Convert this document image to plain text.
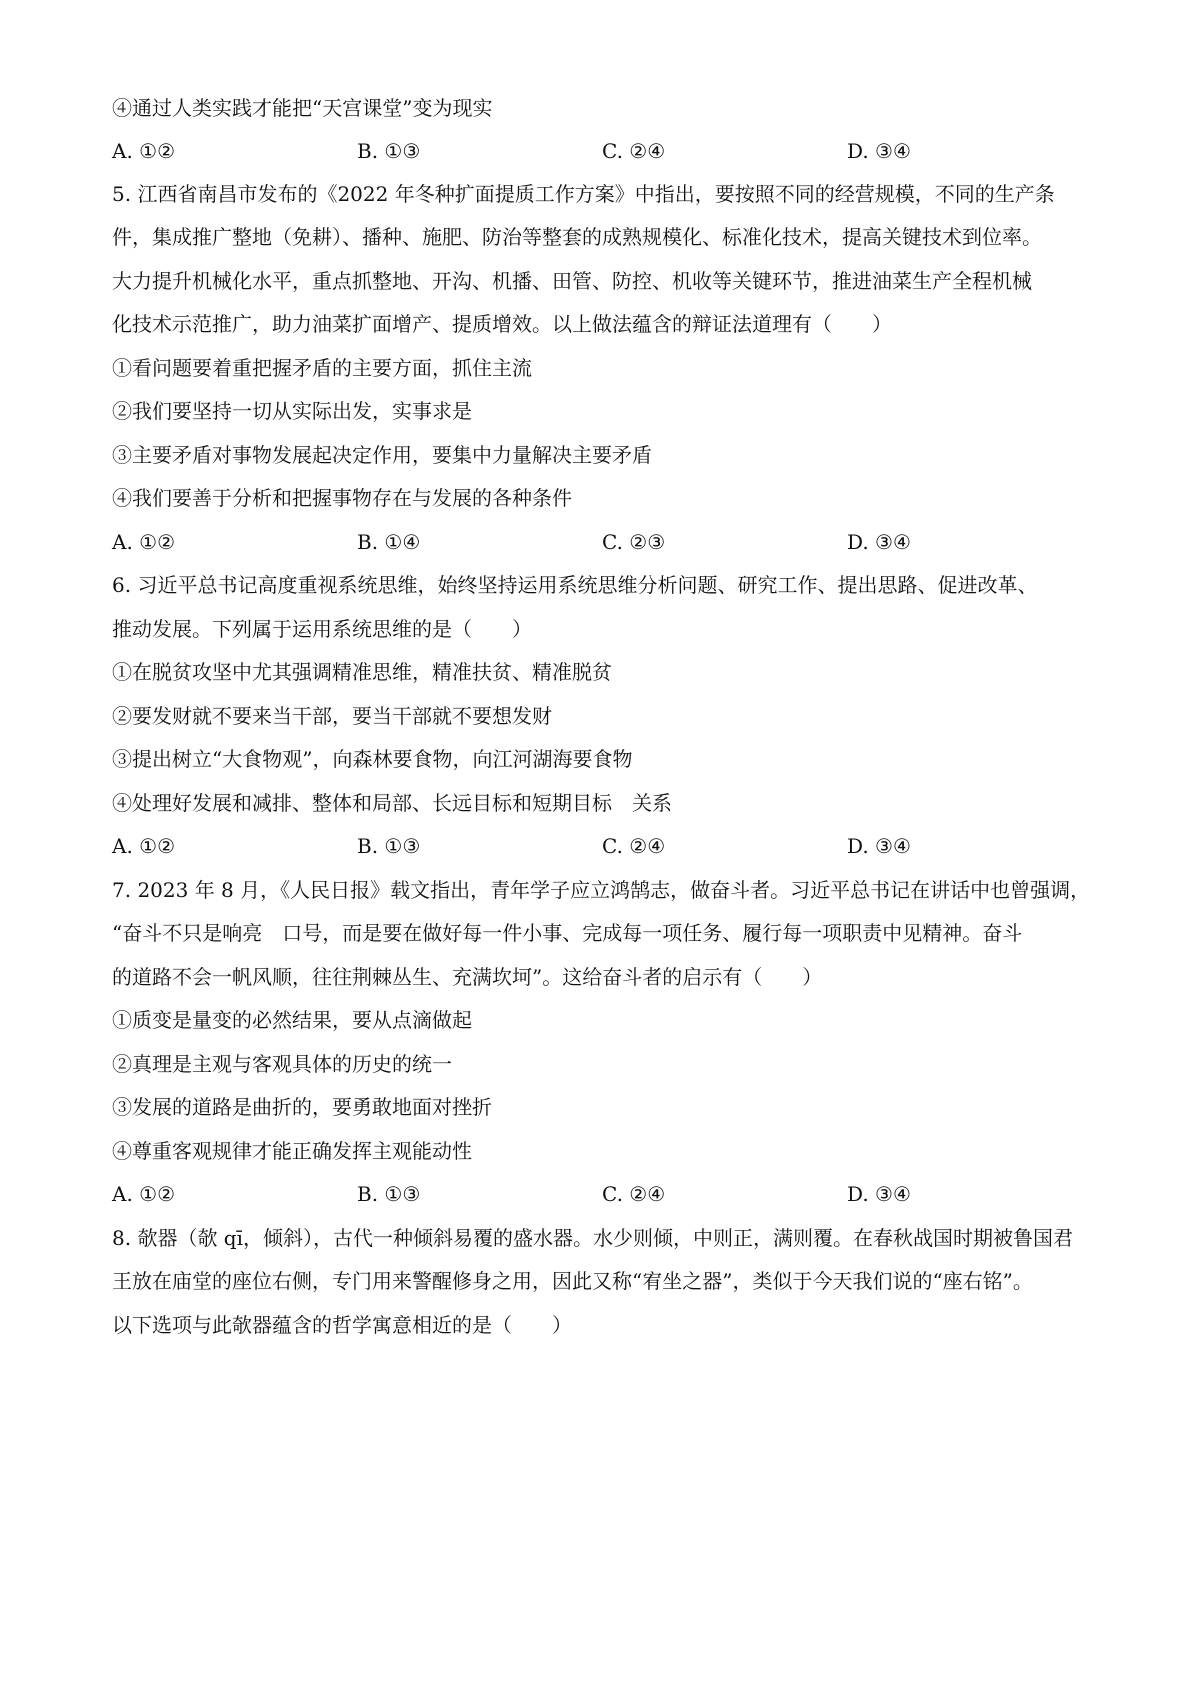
④通过人类实践才能把“天宫课堂”变为现实
A. ①②	B. ①③	C. ②④	D. ③④
5. 江西省南昌市发布的《2022 年冬种扩面提质工作方案》中指出，要按照不同的经营规模，不同的生产条
件，集成推广整地（免耕）、播种、施肥、防治等整套的成熟规模化、标准化技术，提高关键技术到位率。
大力提升机械化水平，重点抓整地、开沟、机播、田管、防控、机收等关键环节，推进油菜生产全程机械
化技术示范推广，助力油菜扩面增产、提质增效。以上做法蕴含的辩证法道理有（　　）
①看问题要着重把握矛盾的主要方面，抓住主流
②我们要坚持一切从实际出发，实事求是
③主要矛盾对事物发展起决定作用，要集中力量解决主要矛盾
④我们要善于分析和把握事物存在与发展的各种条件
A. ①②	B. ①④	C. ②③	D. ③④
6. 习近平总书记高度重视系统思维，始终坚持运用系统思维分析问题、研究工作、提出思路、促进改革、
推动发展。下列属于运用系统思维的是（　　）
①在脱贫攻坚中尤其强调精准思维，精准扶贫、精准脱贫
②要发财就不要来当干部，要当干部就不要想发财
③提出树立“大食物观”，向森林要食物，向江河湖海要食物
④处理好发展和减排、整体和局部、长远目标和短期目标　关系
A. ①②	B. ①③	C. ②④	D. ③④
7. 2023 年 8 月，《人民日报》载文指出，青年学子应立鸿鹄志，做奋斗者。习近平总书记在讲话中也曾强调，
“奋斗不只是响亮　口号，而是要在做好每一件小事、完成每一项任务、履行每一项职责中见精神。奋斗
的道路不会一帆风顺，往往荆棘丛生、充满坎坷”。这给奋斗者的启示有（　　）
①质变是量变的必然结果，要从点滴做起
②真理是主观与客观具体的历史的统一
③发展的道路是曲折的，要勇敢地面对挫折
④尊重客观规律才能正确发挥主观能动性
A. ①②	B. ①③	C. ②④	D. ③④
8. 欹器（欹 qī，倾斜），古代一种倾斜易覆的盛水器。水少则倾，中则正，满则覆。在春秋战国时期被鲁国君
王放在庙堂的座位右侧，专门用来警醒修身之用，因此又称“宥坐之器”，类似于今天我们说的“座右铭”。
以下选项与此欹器蕴含的哲学寓意相近的是（　　）
